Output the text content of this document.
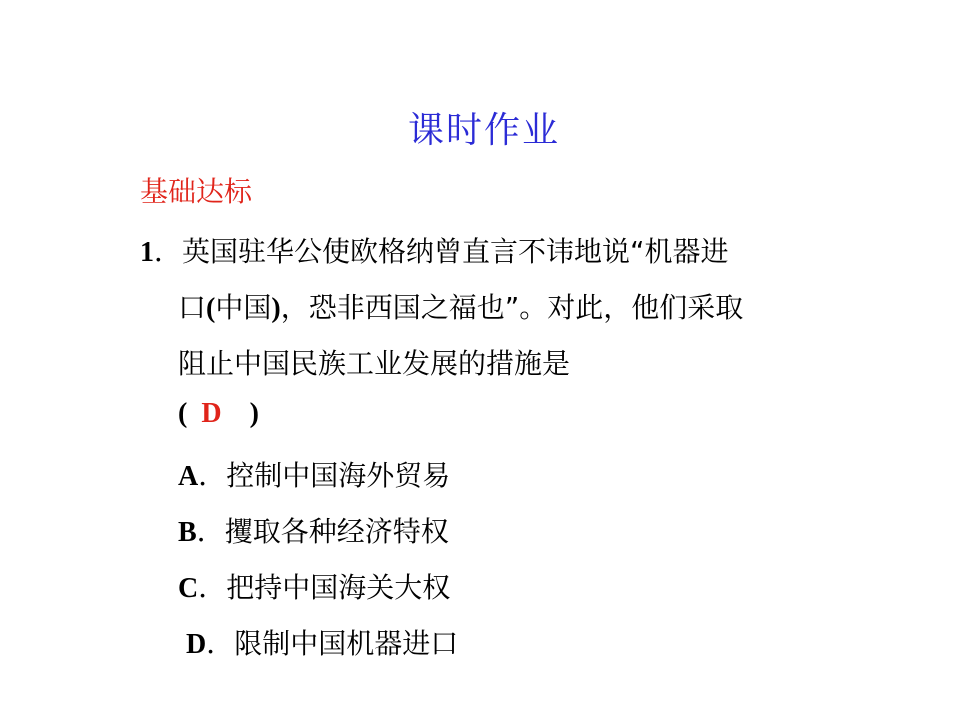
课时作业
基础达标
1．英国驻华公使欧格纳曾直言不讳地说“机器进
口(中国)，恐非西国之福也”。对此，他们采取
阻止中国民族工业发展的措施是
( D )
A．控制中国海外贸易
B．攫取各种经济特权
C．把持中国海关大权
D．限制中国机器进口
